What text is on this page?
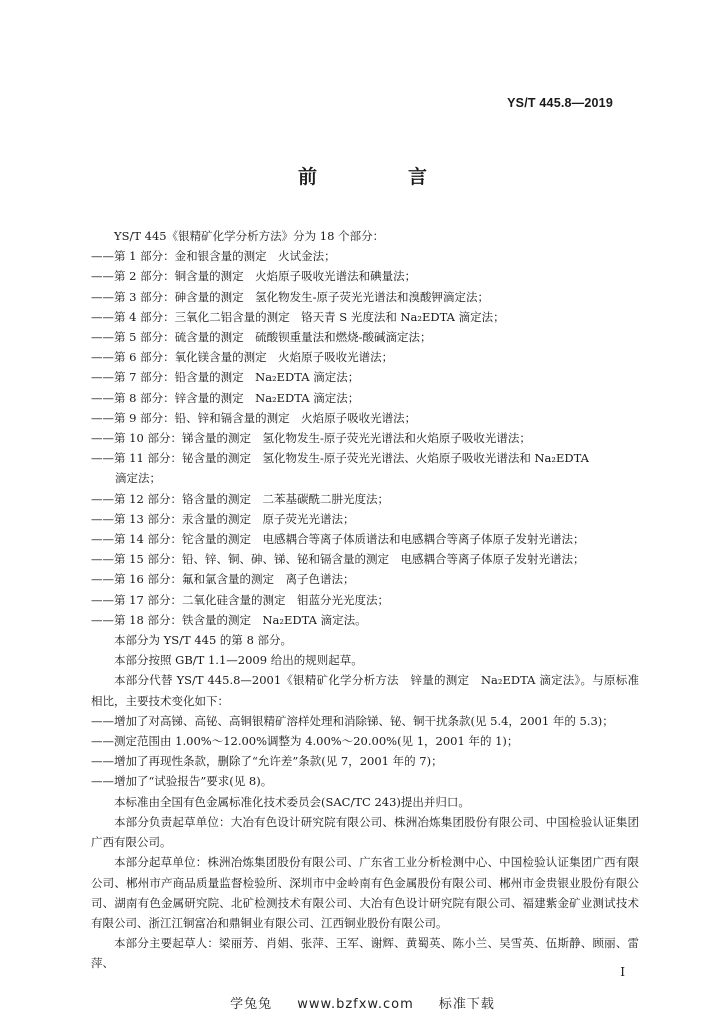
YS/T 445.8—2019
前　言

YS/T 445《银精矿化学分析方法》分为 18 个部分：

——第 1 部分：金和银含量的测定　火试金法；

——第 2 部分：铜含量的测定　火焰原子吸收光谱法和碘量法；

——第 3 部分：砷含量的测定　氢化物发生-原子荧光光谱法和溴酸钾滴定法；

——第 4 部分：三氧化二铝含量的测定　铬天青 S 光度法和 Na₂EDTA 滴定法；

——第 5 部分：硫含量的测定　硫酸钡重量法和燃烧-酸碱滴定法；

——第 6 部分：氧化镁含量的测定　火焰原子吸收光谱法；

——第 7 部分：铅含量的测定　Na₂EDTA 滴定法；

——第 8 部分：锌含量的测定　Na₂EDTA 滴定法；

——第 9 部分：铅、锌和镉含量的测定　火焰原子吸收光谱法；

——第 10 部分：锑含量的测定　氢化物发生-原子荧光光谱法和火焰原子吸收光谱法；

——第 11 部分：铋含量的测定　氢化物发生-原子荧光光谱法、火焰原子吸收光谱法和 Na₂EDTA

滴定法；

——第 12 部分：铬含量的测定　二苯基碳酰二肼光度法；

——第 13 部分：汞含量的测定　原子荧光光谱法；

——第 14 部分：铊含量的测定　电感耦合等离子体质谱法和电感耦合等离子体原子发射光谱法；

——第 15 部分：铅、锌、铜、砷、锑、铋和镉含量的测定　电感耦合等离子体原子发射光谱法；

——第 16 部分：氟和氯含量的测定　离子色谱法；

——第 17 部分：二氧化硅含量的测定　钼蓝分光光度法；

——第 18 部分：铁含量的测定　Na₂EDTA 滴定法。

本部分为 YS/T 445 的第 8 部分。

本部分按照 GB/T 1.1—2009 给出的规则起草。

本部分代替 YS/T 445.8—2001《银精矿化学分析方法　锌量的测定　Na₂EDTA 滴定法》。与原标准相比，主要技术变化如下：

——增加了对高锑、高铋、高铜银精矿溶样处理和消除锑、铋、铜干扰条款(见 5.4，2001 年的 5.3)；

——测定范围由 1.00%～12.00%调整为 4.00%～20.00%(见 1，2001 年的 1)；

——增加了再现性条款，删除了“允许差”条款(见 7，2001 年的 7)；

——增加了“试验报告”要求(见 8)。

本标准由全国有色金属标准化技术委员会(SAC/TC 243)提出并归口。

本部分负责起草单位：大冶有色设计研究院有限公司、株洲冶炼集团股份有限公司、中国检验认证集团广西有限公司。

本部分起草单位：株洲冶炼集团股份有限公司、广东省工业分析检测中心、中国检验认证集团广西有限公司、郴州市产商品质量监督检验所、深圳市中金岭南有色金属股份有限公司、郴州市金贵银业股份有限公司、湖南有色金属研究院、北矿检测技术有限公司、大冶有色设计研究院有限公司、福建紫金矿业测试技术有限公司、浙江江铜富冶和鼎铜业有限公司、江西铜业股份有限公司。

本部分主要起草人：梁丽芳、肖娟、张萍、王军、谢辉、黄蜀英、陈小兰、吴雪英、伍斯静、顾丽、雷萍、

I
学兔兔 www.bzfxw.com 标准下载
